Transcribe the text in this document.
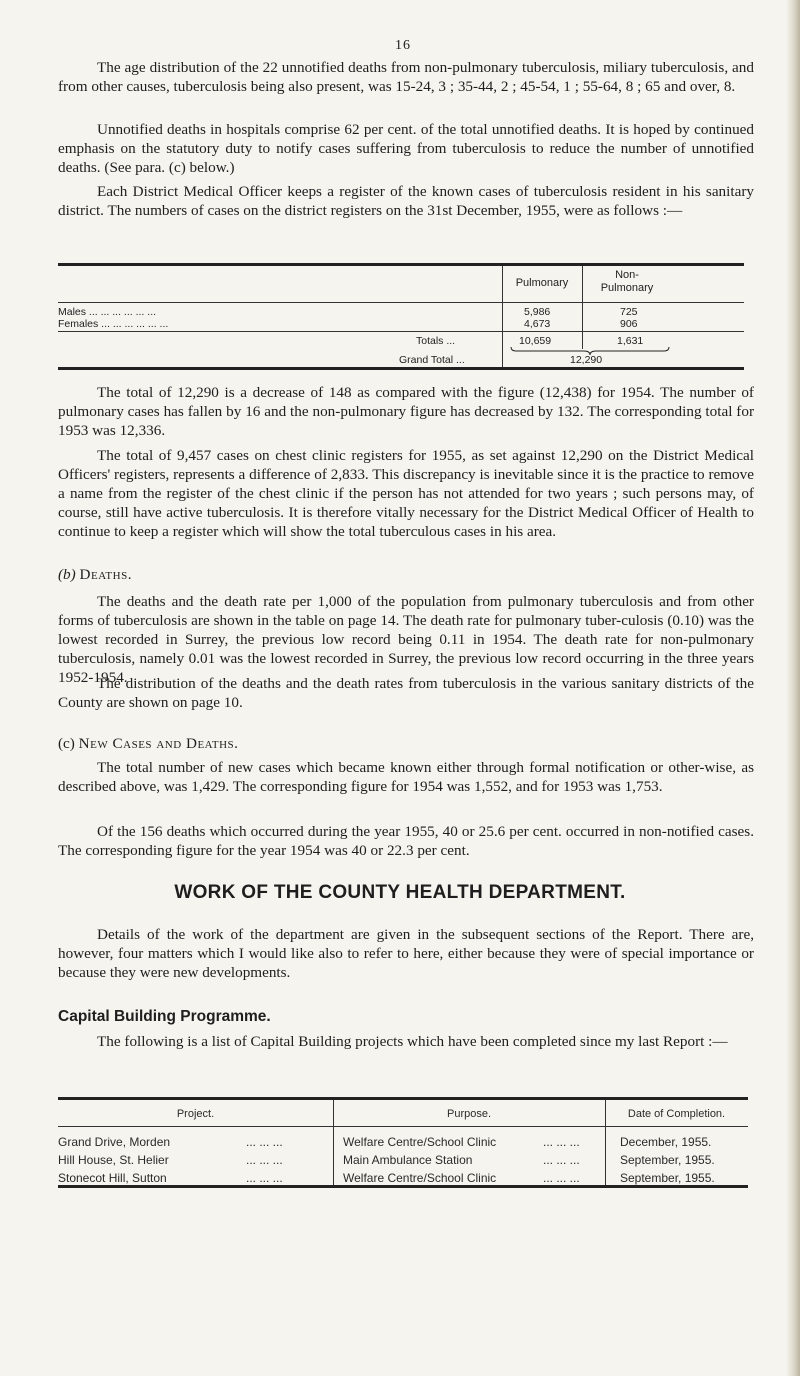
16

The age distribution of the 22 unnotified deaths from non-pulmonary tuberculosis, miliary tuberculosis, and from other causes, tuberculosis being also present, was 15-24, 3 ; 35-44, 2 ; 45-54, 1 ; 55-64, 8 ; 65 and over, 8.

Unnotified deaths in hospitals comprise 62 per cent. of the total unnotified deaths. It is hoped by continued emphasis on the statutory duty to notify cases suffering from tuberculosis to reduce the number of unnotified deaths. (See para. (c) below.)

Each District Medical Officer keeps a register of the known cases of tuberculosis resident in his sanitary district. The numbers of cases on the district registers on the 31st December, 1955, were as follows :—

Pulmonary
Non-
Pulmonary
Males ... ... ... ... ... ...	5,986	725
Females ... ... ... ... ... ...	4,673	906
Totals ...	10,659	1,631
Grand Total ...	12,290

The total of 12,290 is a decrease of 148 as compared with the figure (12,438) for 1954. The number of pulmonary cases has fallen by 16 and the non-pulmonary figure has decreased by 132. The corresponding total for 1953 was 12,336.

The total of 9,457 cases on chest clinic registers for 1955, as set against 12,290 on the District Medical Officers' registers, represents a difference of 2,833. This discrepancy is inevitable since it is the practice to remove a name from the register of the chest clinic if the person has not attended for two years ; such persons may, of course, still have active tuberculosis. It is therefore vitally necessary for the District Medical Officer of Health to continue to keep a register which will show the total tuberculous cases in his area.

(b) Deaths.

The deaths and the death rate per 1,000 of the population from pulmonary tuberculosis and from other forms of tuberculosis are shown in the table on page 14. The death rate for pulmonary tuber-culosis (0.10) was the lowest recorded in Surrey, the previous low record being 0.11 in 1954. The death rate for non-pulmonary tuberculosis, namely 0.01 was the lowest recorded in Surrey, the previous low record occurring in the three years 1952-1954.

The distribution of the deaths and the death rates from tuberculosis in the various sanitary districts of the County are shown on page 10.

(c) New Cases and Deaths.

The total number of new cases which became known either through formal notification or other-wise, as described above, was 1,429. The corresponding figure for 1954 was 1,552, and for 1953 was 1,753.

Of the 156 deaths which occurred during the year 1955, 40 or 25.6 per cent. occurred in non-notified cases. The corresponding figure for the year 1954 was 40 or 22.3 per cent.

WORK OF THE COUNTY HEALTH DEPARTMENT.

Details of the work of the department are given in the subsequent sections of the Report. There are, however, four matters which I would like also to refer to here, either because they were of special importance or because they were new developments.

Capital Building Programme.

The following is a list of Capital Building projects which have been completed since my last Report :—

Project.	Purpose.	Date of Completion.
Grand Drive, Morden	... ... ...	Welfare Centre/School Clinic	... ... ...	December, 1955.
Hill House, St. Helier	... ... ...	Main Ambulance Station	... ... ...	September, 1955.
Stonecot Hill, Sutton	... ... ...	Welfare Centre/School Clinic	... ... ...	September, 1955.
